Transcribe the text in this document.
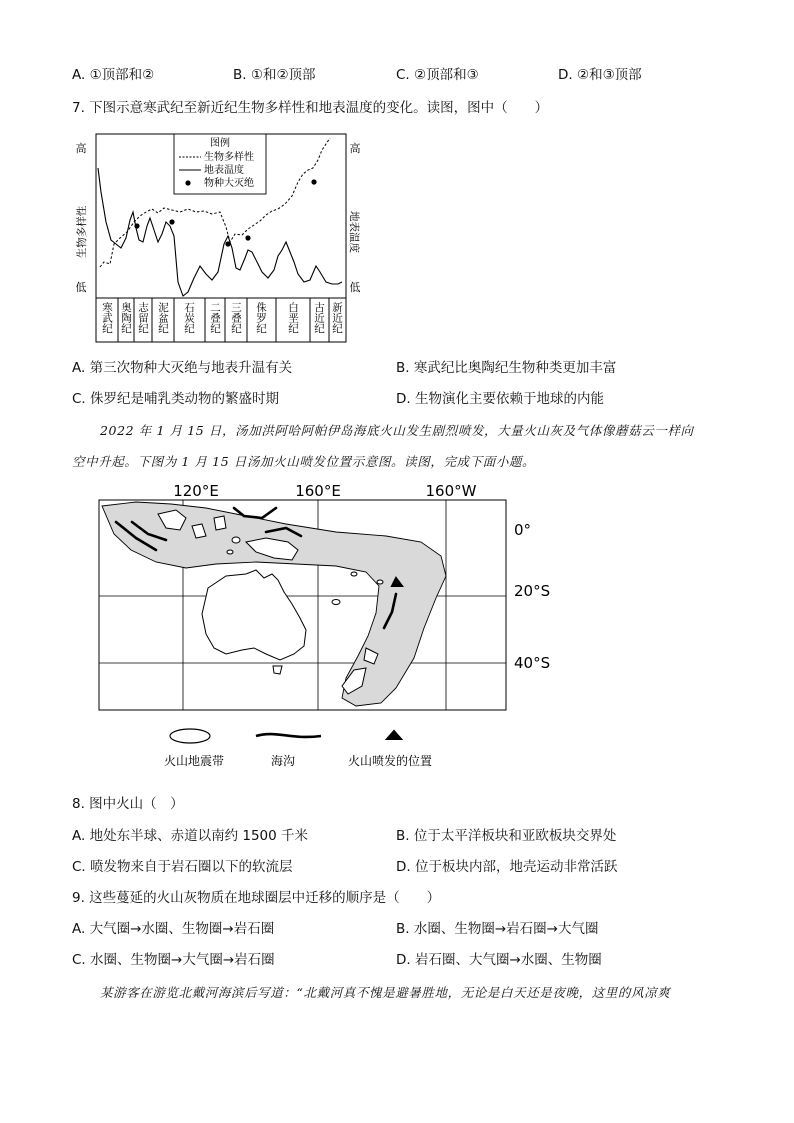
A. ①顶部和②	B. ①和②顶部	C. ②顶部和③	D. ②和③顶部
7. 下图示意寒武纪至新近纪生物多样性和地表温度的变化。读图，图中（　　）
高
低
高
低
生物多样性	地表温度
图例
生物多样性
地表温度
物种大灭绝
寒武纪 奥陶纪 志留纪 泥盆纪 石炭纪 二叠纪 三叠纪 侏罗纪 白垩纪 古近纪 新近纪
A. 第三次物种大灭绝与地表升温有关	B. 寒武纪比奥陶纪生物种类更加丰富
C. 侏罗纪是哺乳类动物的繁盛时期	D. 生物演化主要依赖于地球的内能
2022 年 1 月 15 日，汤加洪阿哈阿帕伊岛海底火山发生剧烈喷发，大量火山灰及气体像蘑菇云一样向
空中升起。下图为 1 月 15 日汤加火山喷发位置示意图。读图，完成下面小题。
120°E	160°E	160°W
0°
20°S
40°S
火山地震带	海沟	火山喷发的位置
8. 图中火山（　）
A. 地处东半球、赤道以南约 1500 千米	B. 位于太平洋板块和亚欧板块交界处
C. 喷发物来自于岩石圈以下的软流层	D. 位于板块内部，地壳运动非常活跃
9. 这些蔓延的火山灰物质在地球圈层中迁移的顺序是（　　）
A. 大气圈→水圈、生物圈→岩石圈	B. 水圈、生物圈→岩石圈→大气圈
C. 水圈、生物圈→大气圈→岩石圈	D. 岩石圈、大气圈→水圈、生物圈
某游客在游览北戴河海滨后写道：“北戴河真不愧是避暑胜地，无论是白天还是夜晚，这里的风凉爽
